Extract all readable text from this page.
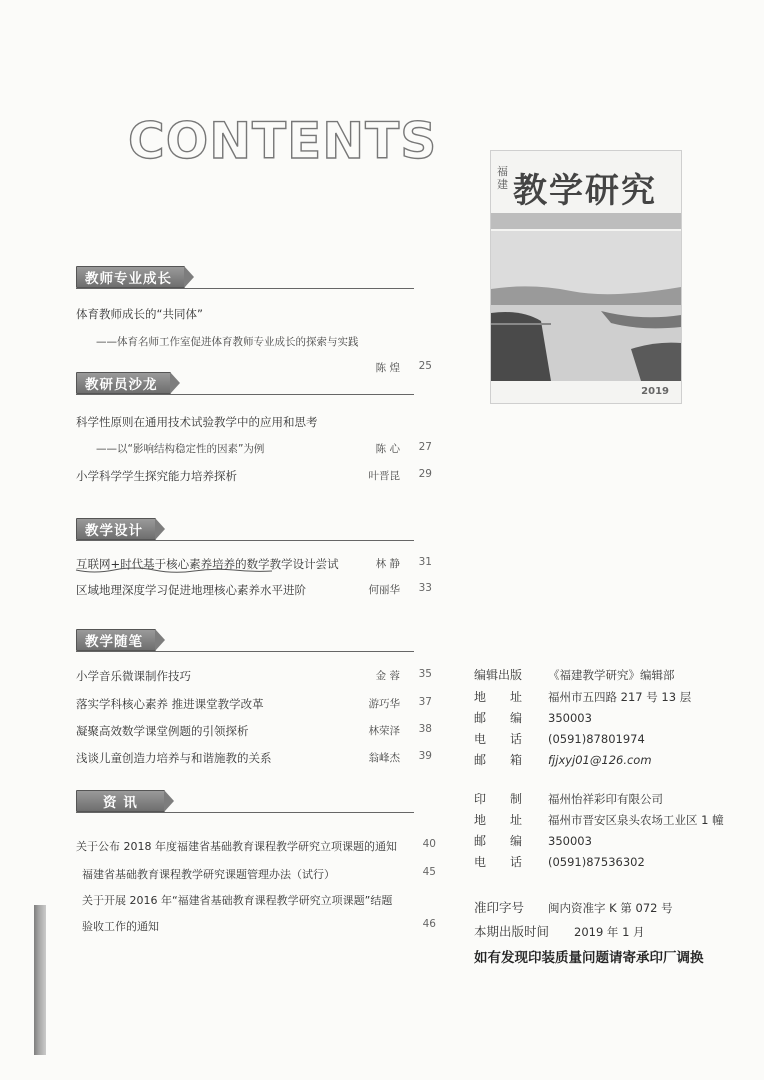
CONTENTS
福建 教学研究
2019
教师专业成长
体育教师成长的“共同体”
——体育名师工作室促进体育教师专业成长的探索与实践
陈 煌 25
教研员沙龙
科学性原则在通用技术试验教学中的应用和思考
——以“影响结构稳定性的因素”为例	陈 心 27
小学科学学生探究能力培养探析	叶晋昆 29
教学设计
互联网+时代基于核心素养培养的数学教学设计尝试	林 静 31
区域地理深度学习促进地理核心素养水平进阶	何丽华 33
教学随笔
小学音乐微课制作技巧	金 蓉 35
落实学科核心素养 推进课堂教学改革	游巧华 37
凝聚高效数学课堂例题的引领探析	林荣泽 38
浅谈儿童创造力培养与和谐施教的关系	翁峰杰 39
资 讯
关于公布 2018 年度福建省基础教育课程教学研究立项课题的通知 40
福建省基础教育课程教学研究课题管理办法（试行）	45
关于开展 2016 年“福建省基础教育课程教学研究立项课题”结题
验收工作的通知	46
编辑出版 《福建教学研究》编辑部
地　　址 福州市五四路 217 号 13 层
邮　　编 350003
电　　话 (0591)87801974
邮　　箱 fjjxyj01@126.com
印　　制 福州怡祥彩印有限公司
地　　址 福州市晋安区泉头农场工业区 1 幢
邮　　编 350003
电　　话 (0591)87536302
准印字号 闽内资准字 K 第 072 号
本期出版时间 2019 年 1 月
如有发现印装质量问题请寄承印厂调换
